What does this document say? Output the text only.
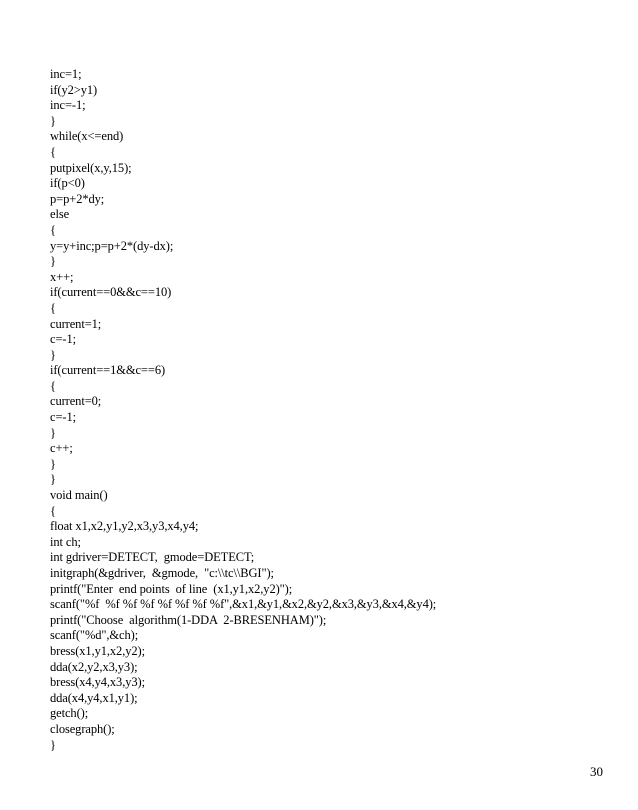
inc=1;
if(y2>y1)
inc=-1;
}
while(x<=end)
{
putpixel(x,y,15);
if(p<0)
p=p+2*dy;
else
{
y=y+inc;p=p+2*(dy-dx);
}
x++;
if(current==0&&c==10)
{
current=1;
c=-1;
}
if(current==1&&c==6)
{
current=0;
c=-1;
}
c++;
}
}
void main()
{
float x1,x2,y1,y2,x3,y3,x4,y4;
int ch;
int gdriver=DETECT,  gmode=DETECT;
initgraph(&gdriver,  &gmode,  "c:\\tc\\BGI");
printf("Enter  end points  of line  (x1,y1,x2,y2)");
scanf("%f  %f %f %f %f %f %f %f",&x1,&y1,&x2,&y2,&x3,&y3,&x4,&y4);
printf("Choose  algorithm(1-DDA  2-BRESENHAM)");
scanf("%d",&ch);
bress(x1,y1,x2,y2);
dda(x2,y2,x3,y3);
bress(x4,y4,x3,y3);
dda(x4,y4,x1,y1);
getch();
closegraph();
}
30
